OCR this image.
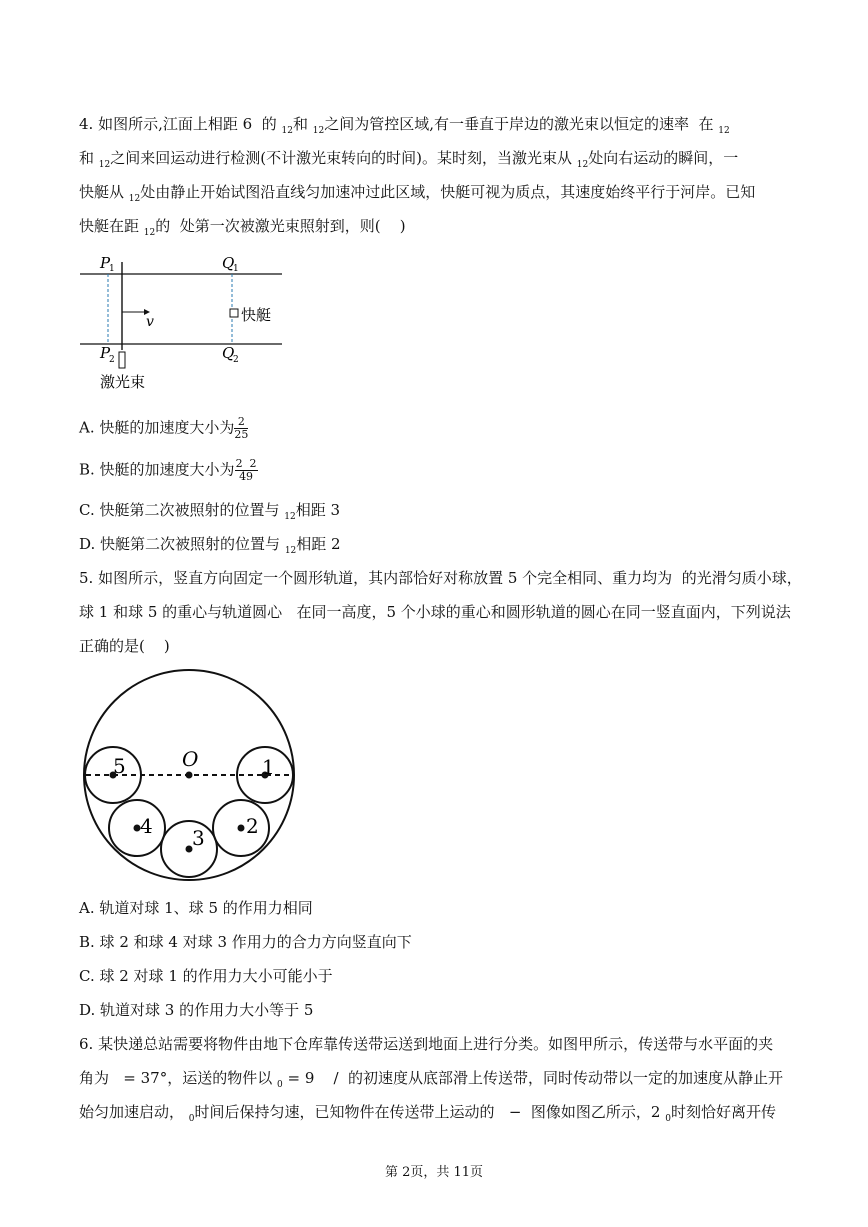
4. 如图所示,江面上相距 6  的 $_{12}$和 $_{12}$之间为管控区域,有一垂直于岸边的激光束以恒定的速率  在 $_{12}$
和 $_{12}$之间来回运动进行检测(不计激光束转向的时间)。某时刻，当激光束从 $_{12}$处向右运动的瞬间，一
快艇从 $_{12}$处由静止开始试图沿直线匀加速冲过此区域，快艇可视为质点，其速度始终平行于河岸。已知
快艇在距 $_{12}$的  处第一次被激光束照射到，则(    )
v
P
1	Q
1
P
2	Q
2
快艇
激光束
A. 快艇的加速度大小为 $\frac{2}{25}$
B. 快艇的加速度大小为 $\frac{2 2}{49}$
C. 快艇第二次被照射的位置与 $_{12}$相距 3
D. 快艇第二次被照射的位置与 $_{12}$相距 2
5. 如图所示，竖直方向固定一个圆形轨道，其内部恰好对称放置 5 个完全相同、重力均为  的光滑匀质小球，
球 1 和球 5 的重心与轨道圆心   在同一高度，5 个小球的重心和圆形轨道的圆心在同一竖直面内，下列说法
正确的是(    )
O
5	1
4	2
3
A. 轨道对球 1、球 5 的作用力相同
B. 球 2 和球 4 对球 3 作用力的合力方向竖直向下
C. 球 2 对球 1 的作用力大小可能小于
D. 轨道对球 3 的作用力大小等于 5
6. 某快递总站需要将物件由地下仓库靠传送带运送到地面上进行分类。如图甲所示，传送带与水平面的夹
角为   = 37°，运送的物件以 $_0$ = 9    /  的初速度从底部滑上传送带，同时传动带以一定的加速度从静止开
始匀加速启动， $_0$时间后保持匀速，已知物件在传送带上运动的   −  图像如图乙所示，2 $_0$时刻恰好离开传
第 2页，共 11页
